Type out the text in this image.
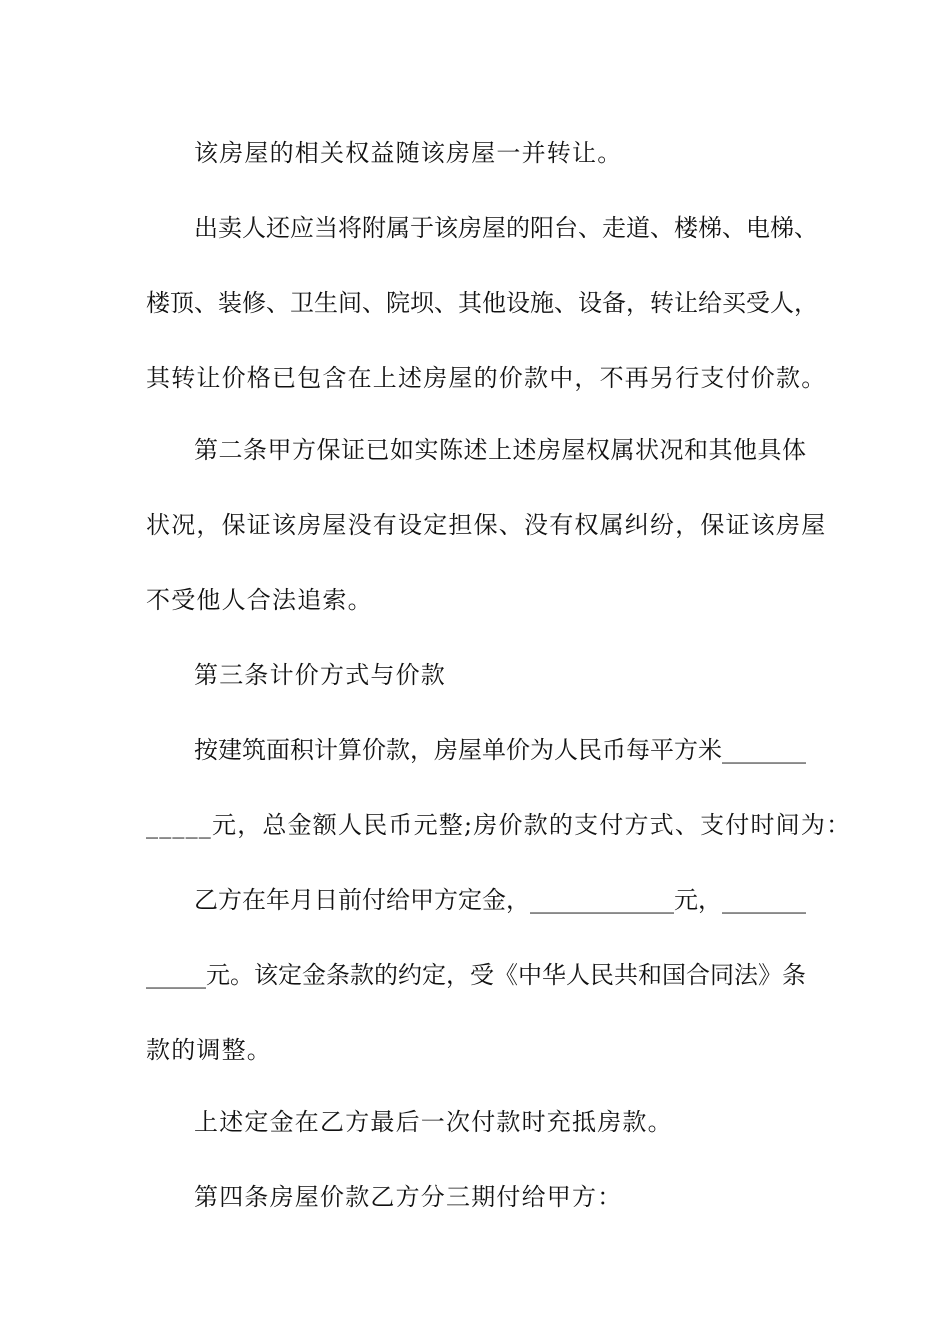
该房屋的相关权益随该房屋一并转让。
出卖人还应当将附属于该房屋的阳台、走道、楼梯、电梯、
楼顶、装修、卫生间、院坝、其他设施、设备，转让给买受人，
其转让价格已包含在上述房屋的价款中，不再另行支付价款。
第二条甲方保证已如实陈述上述房屋权属状况和其他具体
状况，保证该房屋没有设定担保、没有权属纠纷，保证该房屋
不受他人合法追索。
第三条计价方式与价款
按建筑面积计算价款，房屋单价为人民币每平方米_______
_____元，总金额人民币元整;房价款的支付方式、支付时间为：
乙方在年月日前付给甲方定金，____________元，_______
_____元。该定金条款的约定，受《中华人民共和国合同法》条
款的调整。
上述定金在乙方最后一次付款时充抵房款。
第四条房屋价款乙方分三期付给甲方：
